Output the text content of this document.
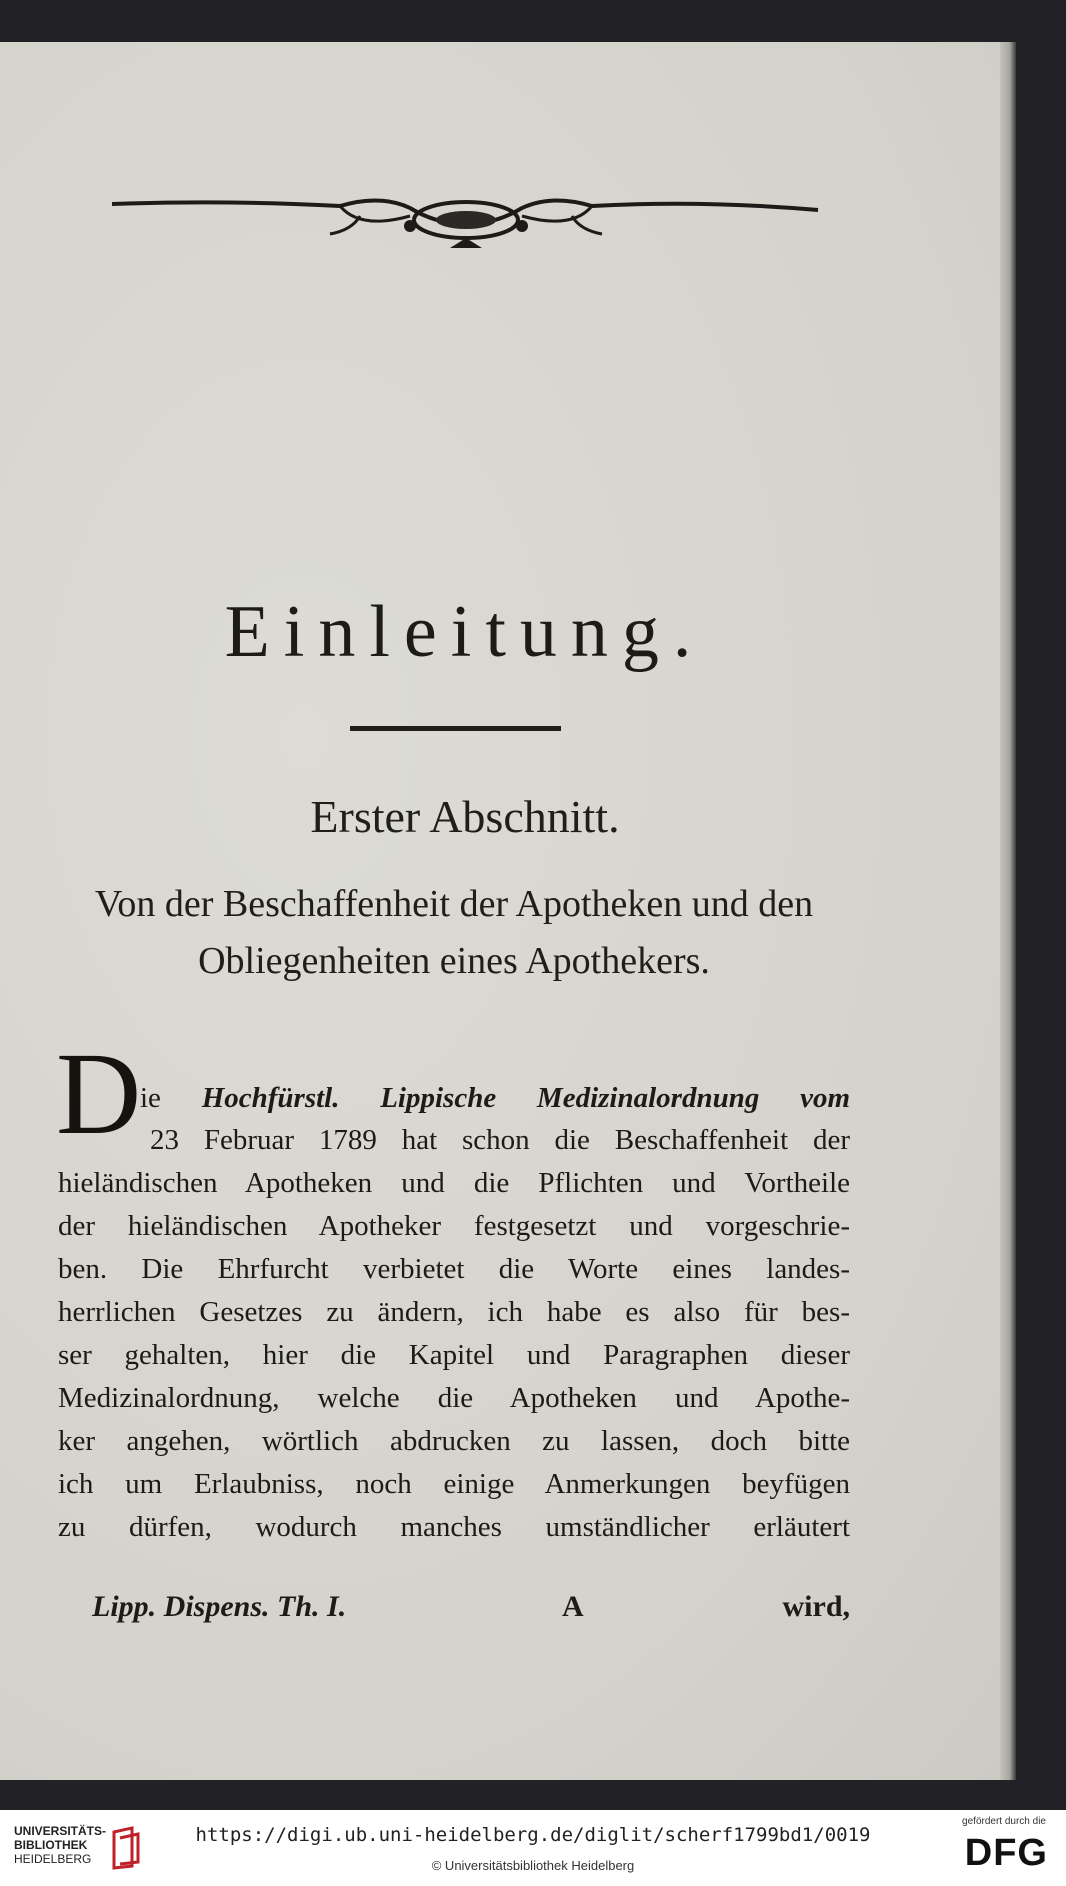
Einleitung.
Erster Abschnitt.
Von der Beschaffenheit der Apotheken und den
Obliegenheiten eines Apothekers.
D
ie Hochfürstl. Lippische Medizinalordnung vom
23 Februar 1789 hat schon die Beschaffenheit der
hieländischen Apotheken und die Pflichten und Vortheile
der hieländischen Apotheker festgesetzt und vorgeschrie-
ben. Die Ehrfurcht verbietet die Worte eines landes-
herrlichen Gesetzes zu ändern, ich habe es also für bes-
ser gehalten, hier die Kapitel und Paragraphen dieser
Medizinalordnung, welche die Apotheken und Apothe-
ker angehen, wörtlich abdrucken zu lassen, doch bitte
ich um Erlaubniss, noch einige Anmerkungen beyfügen
zu dürfen, wodurch manches umständlicher erläutert
Lipp. Dispens. Th. I.	A	wird,
UNIVERSITÄTS-
BIBLIOTHEK
HEIDELBERG
https://digi.ub.uni-heidelberg.de/diglit/scherf1799bd1/0019
© Universitätsbibliothek Heidelberg
gefördert durch die
DFG
